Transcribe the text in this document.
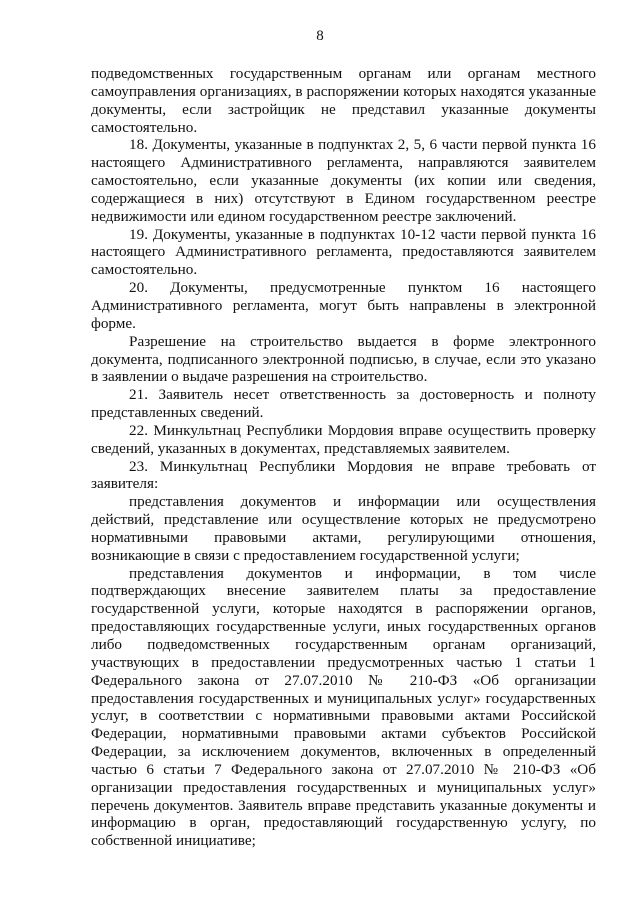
8

подведомственных государственным органам или органам местного самоуправления организациях, в распоряжении которых находятся указанные документы, если застройщик не представил указанные документы самостоятельно.

18. Документы, указанные в подпунктах 2, 5, 6 части первой пункта 16 настоящего Административного регламента, направляются заявителем самостоятельно, если указанные документы (их копии или сведения, содержащиеся в них) отсутствуют в Едином государственном реестре недвижимости или едином государственном реестре заключений.

19. Документы, указанные в подпунктах 10-12 части первой пункта 16 настоящего Административного регламента, предоставляются заявителем самостоятельно.

20. Документы, предусмотренные пунктом 16 настоящего Административного регламента, могут быть направлены в электронной форме.

Разрешение на строительство выдается в форме электронного документа, подписанного электронной подписью, в случае, если это указано в заявлении о выдаче разрешения на строительство.

21. Заявитель несет ответственность за достоверность и полноту представленных сведений.

22. Минкультнац Республики Мордовия вправе осуществить проверку сведений, указанных в документах, представляемых заявителем.

23. Минкультнац Республики Мордовия не вправе требовать от заявителя:

представления документов и информации или осуществления действий, представление или осуществление которых не предусмотрено нормативными правовыми актами, регулирующими отношения, возникающие в связи с предоставлением государственной услуги;

представления документов и информации, в том числе подтверждающих внесение заявителем платы за предоставление государственной услуги, которые находятся в распоряжении органов, предоставляющих государственные услуги, иных государственных органов либо подведомственных государственным органам организаций, участвующих в предоставлении предусмотренных частью 1 статьи 1 Федерального закона от 27.07.2010 № 210-ФЗ «Об организации предоставления государственных и муниципальных услуг» государственных услуг, в соответствии с нормативными правовыми актами Российской Федерации, нормативными правовыми актами субъектов Российской Федерации, за исключением документов, включенных в определенный частью 6 статьи 7 Федерального закона от 27.07.2010 № 210-ФЗ «Об организации предоставления государственных и муниципальных услуг» перечень документов. Заявитель вправе представить указанные документы и информацию в орган, предоставляющий государственную услугу, по собственной инициативе;
